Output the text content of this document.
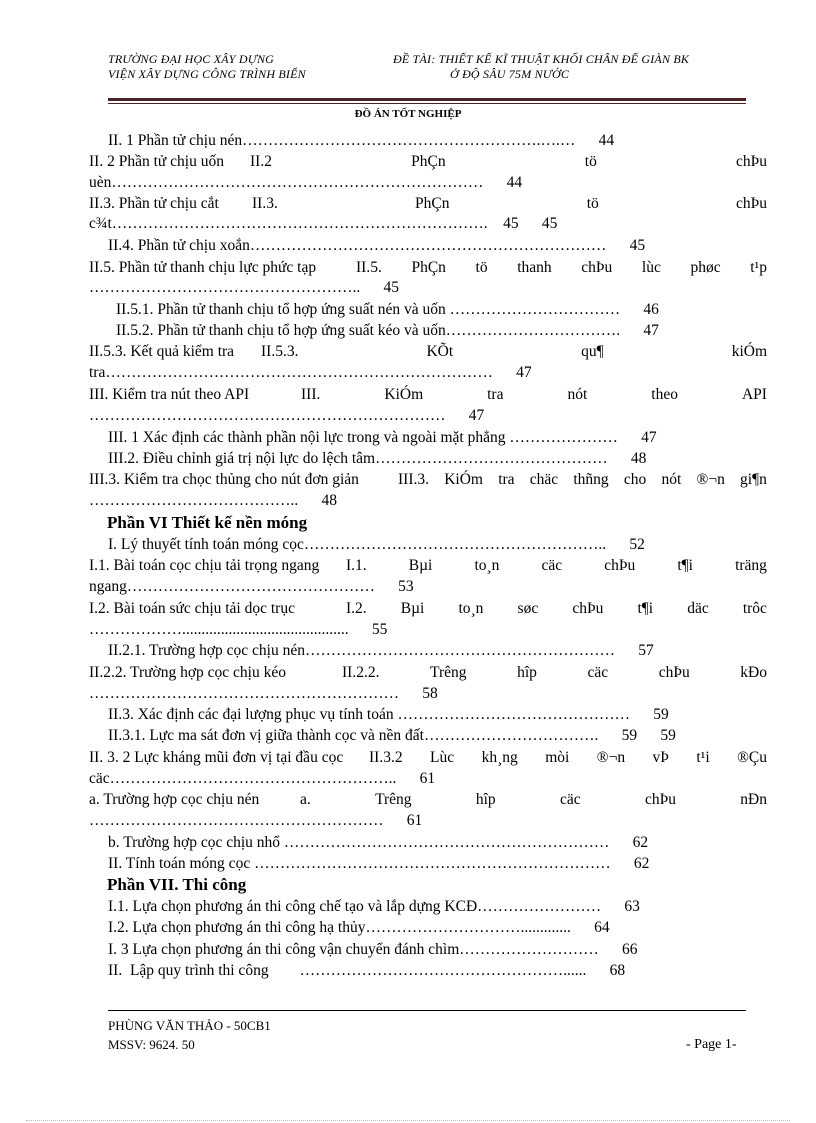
TRƯỜNG ĐẠI HỌC XÂY DỰNG
VIỆN XÂY DỰNG CÔNG TRÌNH BIỂN
ĐỀ TÀI: THIẾT KẾ KĨ THUẬT KHỐI CHÂN ĐẾ GIÀN BK
Ở ĐỘ SÂU 75M NƯỚC
ĐỒ ÁN TỐT NGHIỆP
II. 1 Phần tử chịu nén………………………………………………….….…      44
II. 2 Phần tử chịu uốn II.2	PhÇn	tö	chÞu
uèn………………………………………………………………      44
II.3. Phần tử chịu cắt II.3.	PhÇn	tö	chÞu
c¾t……………………………………………………………….    45      45
II.4. Phần tử chịu xoắn……………………………………………………………      45
II.5. Phần tử thanh chịu lực phức tạp	II.5. PhÇn tö thanh chÞu lùc phøc t¹p
……………………………………………..      45
II.5.1. Phần tử thanh chịu tổ hợp ứng suất nén và uốn ……………………………      46
II.5.2. Phần tử thanh chịu tổ hợp ứng suất kéo và uốn…………………………….      47
II.5.3. Kết quả kiểm tra II.5.3.	KÕt	qu¶	kiÓm
tra…………………………………………………………………      47
III. Kiểm tra nút theo API	III.	KiÓm	tra	nót	theo	API
……………………………………………………………      47
III. 1 Xác định các thành phần nội lực trong và ngoài mặt phẳng …………………      47
III.2. Điều chỉnh giá trị nội lực do lệch tâm………………………………………      48
III.3. Kiểm tra chọc thủng cho nút đơn giản	III.3. KiÓm tra chäc thñng cho nót ®¬n gi¶n
…………………………………..      48
Phần VI Thiết kế nền móng
I. Lý thuyết tính toán móng cọc…………………………………………………..      52
I.1. Bài toán cọc chịu tải trọng ngang I.1.	Bµi	to¸n	cäc	chÞu	t¶i	träng
ngang…………………………………………      53
I.2. Bài toán sức chịu tải dọc trục	I.2. Bµi to¸n søc chÞu t¶i däc trôc
………………...........................................      55
II.2.1. Trường hợp cọc chịu nén……………………………………………………      57
II.2.2. Trường hợp cọc chịu kéo	II.2.2.	Trêng	hîp	cäc	chÞu	kÐo
……………………………………………………      58
II.3. Xác định các đại lượng phục vụ tính toán ………………………………………      59
II.3.1. Lực ma sát đơn vị giữa thành cọc và nền đất…………………………….      59      59
II. 3. 2 Lực kháng mũi đơn vị tại đầu cọc II.3.2 Lùc kh¸ng mòi ®¬n vÞ t¹i ®Çu
cäc………………………………………………..      61
a. Trường hợp cọc chịu nén	a.	Trêng	hîp	cäc	chÞu	nÐn
…………………………………………………      61
b. Trường hợp cọc chịu nhổ ………………………………………………………      62
II. Tính toán móng cọc ……………………………………………………………      62
Phần VII. Thi công
I.1. Lựa chọn phương án thi công chế tạo và lắp dựng KCĐ……………………      63
I.2. Lựa chọn phương án thi công hạ thủy………………………….............      64
I. 3 Lựa chọn phương án thi công vận chuyển đánh chìm………………………      66
II.  Lập quy trình thi công        ……………………………………………......      68
PHÙNG VĂN THẢO - 50CB1
MSSV: 9624. 50	- Page 1-
